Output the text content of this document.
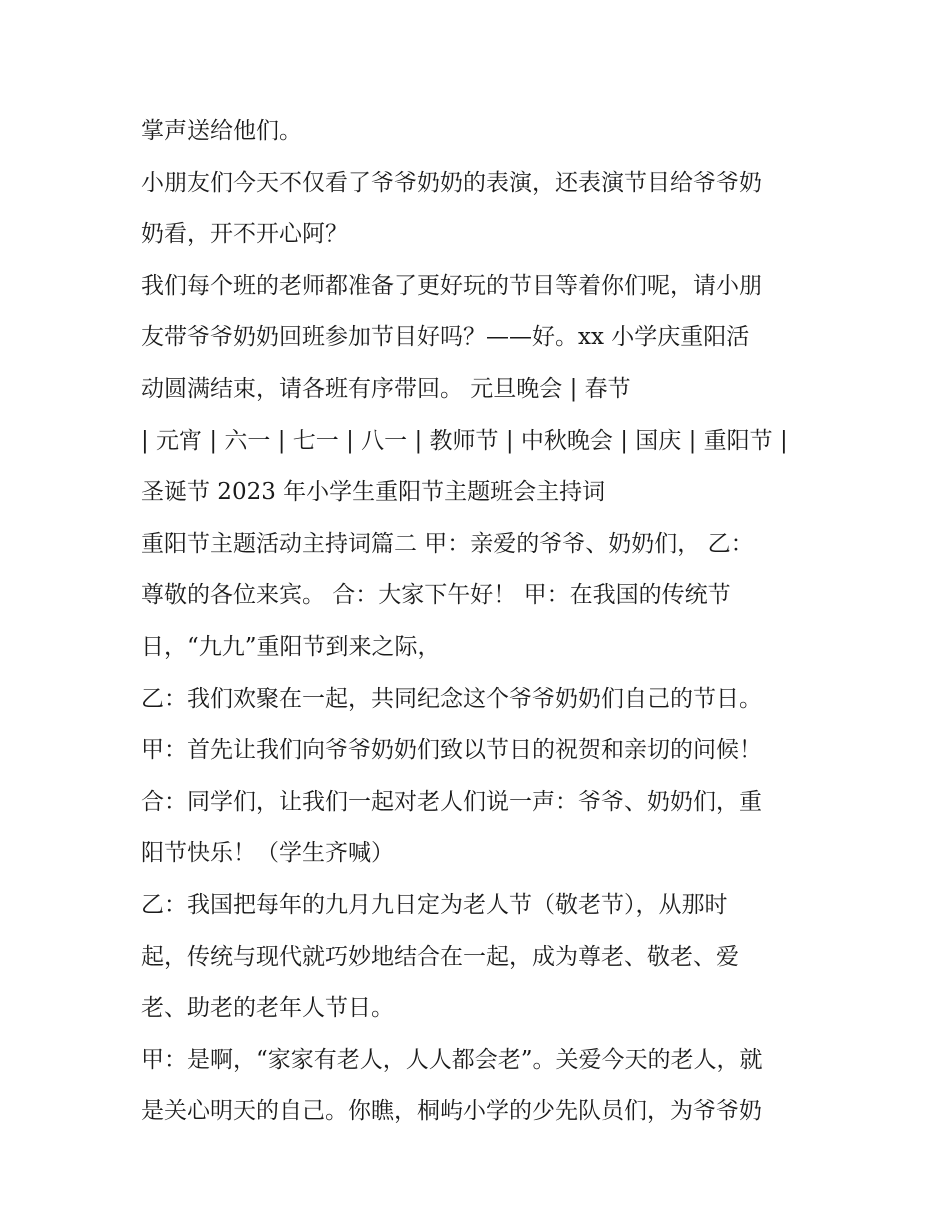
掌声送给他们。
小朋友们今天不仅看了爷爷奶奶的表演，还表演节目给爷爷奶
奶看，开不开心阿？
我们每个班的老师都准备了更好玩的节目等着你们呢，请小朋
友带爷爷奶奶回班参加节目好吗？——好。xx 小学庆重阳活
动圆满结束，请各班有序带回。 元旦晚会 | 春节
| 元宵 | 六一 | 七一 | 八一 | 教师节 | 中秋晚会 | 国庆 | 重阳节 |
圣诞节 2023 年小学生重阳节主题班会主持词
重阳节主题活动主持词篇二 甲：亲爱的爷爷、奶奶们， 乙：
尊敬的各位来宾。 合：大家下午好！ 甲：在我国的传统节
日，“九九”重阳节到来之际，
乙：我们欢聚在一起，共同纪念这个爷爷奶奶们自己的节日。
甲：首先让我们向爷爷奶奶们致以节日的祝贺和亲切的问候！
合：同学们，让我们一起对老人们说一声：爷爷、奶奶们，重
阳节快乐！（学生齐喊）
乙：我国把每年的九月九日定为老人节（敬老节），从那时
起，传统与现代就巧妙地结合在一起，成为尊老、敬老、爱
老、助老的老年人节日。
甲：是啊，“家家有老人，人人都会老”。关爱今天的老人，就
是关心明天的自己。你瞧，桐屿小学的少先队员们，为爷爷奶
